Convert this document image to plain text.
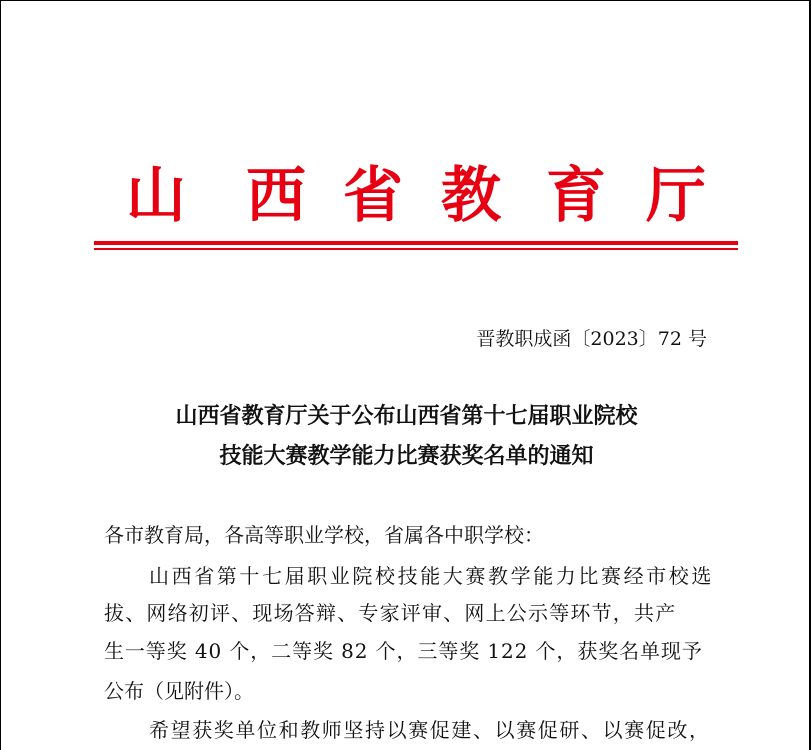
山 西 省 教 育 厅
晋教职成函〔2023〕72 号
山西省教育厅关于公布山西省第十七届职业院校
技能大赛教学能力比赛获奖名单的通知
各市教育局，各高等职业学校，省属各中职学校：
山西省第十七届职业院校技能大赛教学能力比赛经市校选
拔、网络初评、现场答辩、专家评审、网上公示等环节，共产
生一等奖 40 个，二等奖 82 个，三等奖 122 个，获奖名单现予
公布（见附件）。
希望获奖单位和教师坚持以赛促建、以赛促研、以赛促改，
